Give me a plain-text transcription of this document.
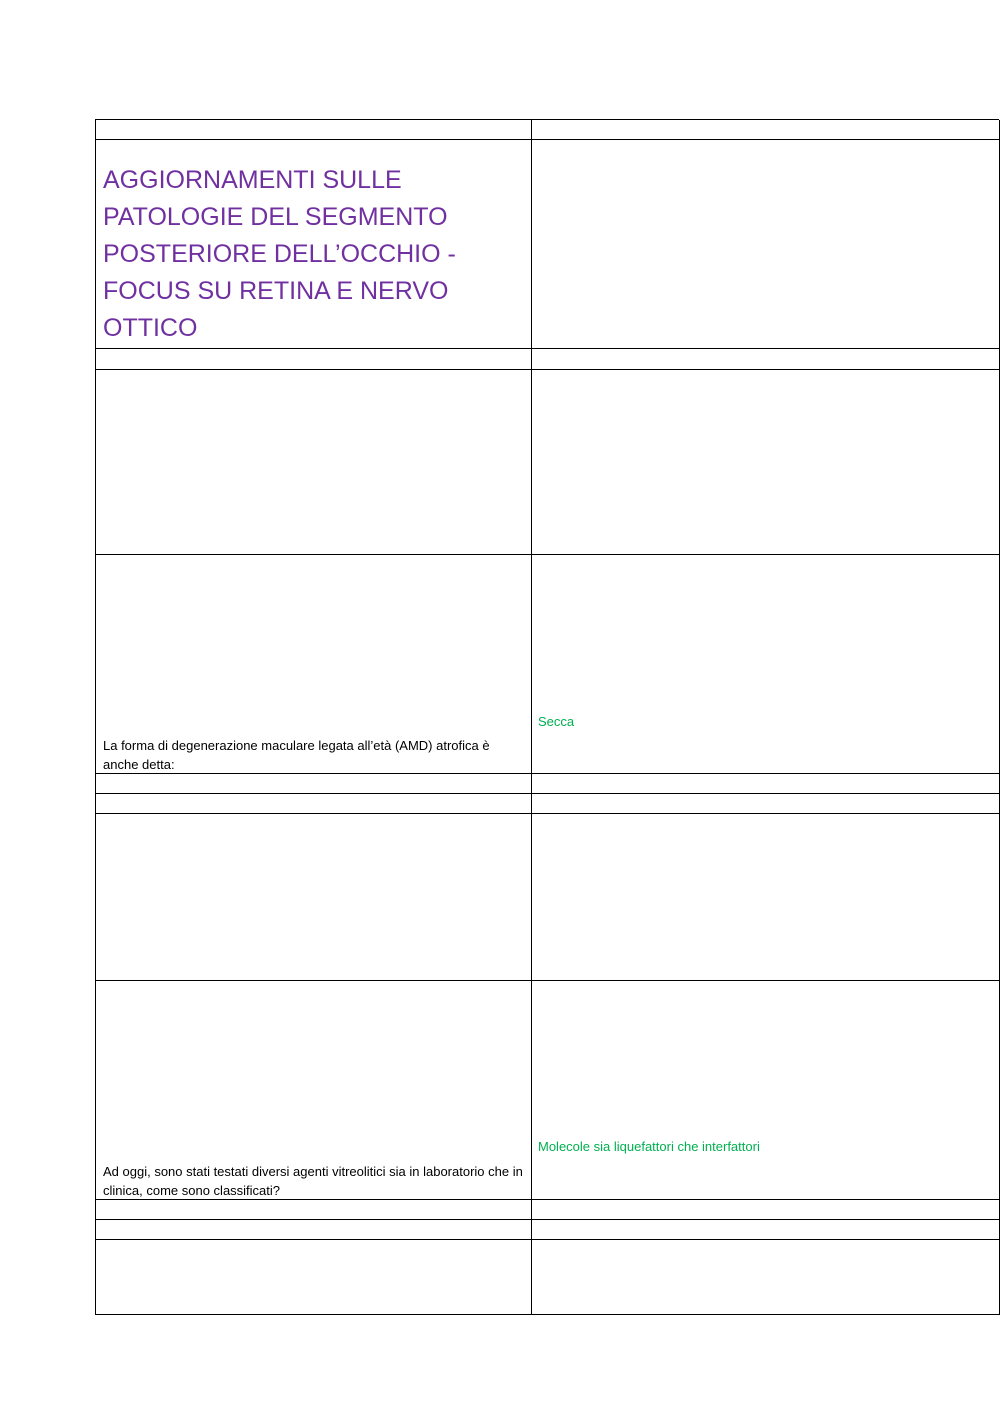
AGGIORNAMENTI SULLE PATOLOGIE DEL SEGMENTO POSTERIORE DELL’OCCHIO - FOCUS SU RETINA E NERVO OTTICO
La forma di degenerazione maculare legata all’età (AMD) atrofica è anche detta:
Secca
Ad oggi, sono stati testati diversi agenti vitreolitici sia in laboratorio che in clinica, come sono classificati?
Molecole sia liquefattori che interfattori
